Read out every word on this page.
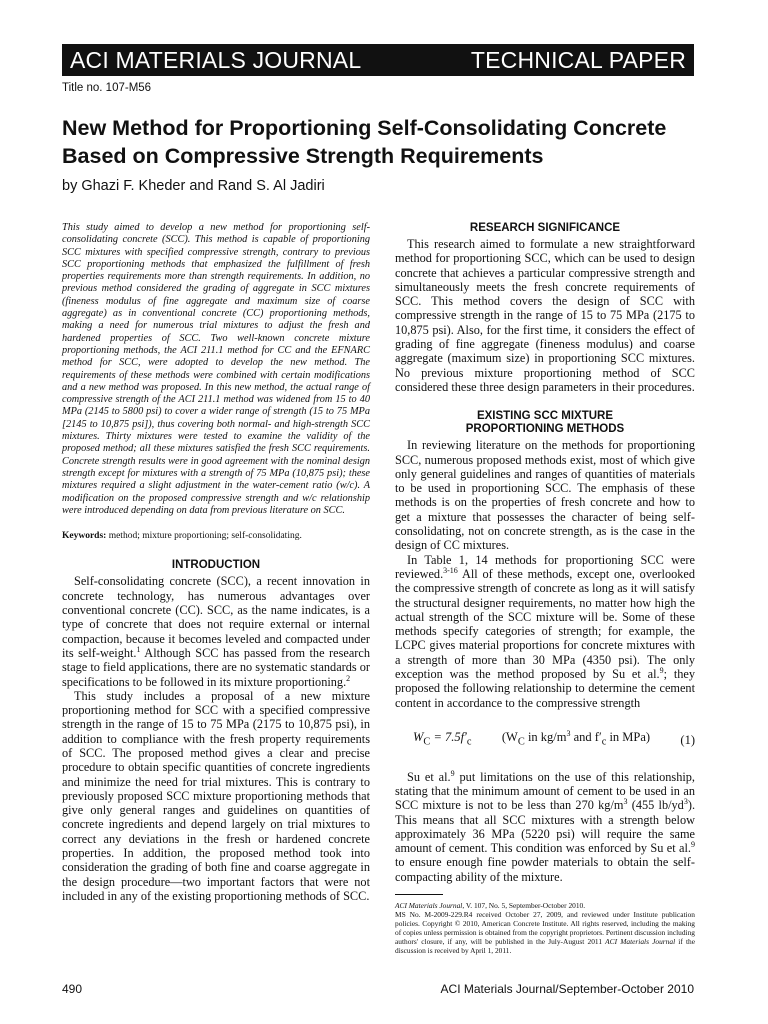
ACI MATERIALS JOURNAL	TECHNICAL PAPER
Title no. 107-M56
New Method for Proportioning Self-Consolidating Concrete Based on Compressive Strength Requirements
by Ghazi F. Kheder and Rand S. Al Jadiri

This study aimed to develop a new method for proportioning self-consolidating concrete (SCC). This method is capable of proportioning SCC mixtures with specified compressive strength, contrary to previous SCC proportioning methods that emphasized the fulfillment of fresh properties requirements more than strength requirements. In addition, no previous method considered the grading of aggregate in SCC mixtures (fineness modulus of fine aggregate and maximum size of coarse aggregate) as in conventional concrete (CC) proportioning methods, making a need for numerous trial mixtures to adjust the fresh and hardened properties of SCC. Two well-known concrete mixture proportioning methods, the ACI 211.1 method for CC and the EFNARC method for SCC, were adopted to develop the new method. The requirements of these methods were combined with certain modifications and a new method was proposed. In this new method, the actual range of compressive strength of the ACI 211.1 method was widened from 15 to 40 MPa (2145 to 5800 psi) to cover a wider range of strength (15 to 75 MPa [2145 to 10,875 psi]), thus covering both normal- and high-strength SCC mixtures. Thirty mixtures were tested to examine the validity of the proposed method; all these mixtures satisfied the fresh SCC requirements. Concrete strength results were in good agreement with the nominal design strength except for mixtures with a strength of 75 MPa (10,875 psi); these mixtures required a slight adjustment in the water-cement ratio (w/c). A modification on the proposed compressive strength and w/c relationship were introduced depending on data from previous literature on SCC.

Keywords: method; mixture proportioning; self-consolidating.

INTRODUCTION

Self-consolidating concrete (SCC), a recent innovation in concrete technology, has numerous advantages over conventional concrete (CC). SCC, as the name indicates, is a type of concrete that does not require external or internal compaction, because it becomes leveled and compacted under its self-weight.$^1$ Although SCC has passed from the research stage to field applications, there are no systematic standards or specifications to be followed in its mixture proportioning.$^2$

This study includes a proposal of a new mixture proportioning method for SCC with a specified compressive strength in the range of 15 to 75 MPa (2175 to 10,875 psi), in addition to compliance with the fresh property requirements of SCC. The proposed method gives a clear and precise procedure to obtain specific quantities of concrete ingredients and minimize the need for trial mixtures. This is contrary to previously proposed SCC mixture proportioning methods that give only general ranges and guidelines on quantities of concrete ingredients and depend largely on trial mixtures to correct any deviations in the fresh or hardened concrete properties. In addition, the proposed method took into consideration the grading of both fine and coarse aggregate in the design procedure—two important factors that were not included in any of the existing proportioning methods of SCC.

RESEARCH SIGNIFICANCE

This research aimed to formulate a new straightforward method for proportioning SCC, which can be used to design concrete that achieves a particular compressive strength and simultaneously meets the fresh concrete requirements of SCC. This method covers the design of SCC with compressive strength in the range of 15 to 75 MPa (2175 to 10,875 psi). Also, for the first time, it considers the effect of grading of fine aggregate (fineness modulus) and coarse aggregate (maximum size) in proportioning SCC mixtures. No previous mixture proportioning method of SCC considered these three design parameters in their procedures.

EXISTING SCC MIXTURE
PROPORTIONING METHODS

In reviewing literature on the methods for proportioning SCC, numerous proposed methods exist, most of which give only general guidelines and ranges of quantities of materials to be used in proportioning SCC. The emphasis of these methods is on the properties of fresh concrete and how to get a mixture that possesses the character of being self-consolidating, not on concrete strength, as is the case in the design of CC mixtures.

In Table 1, 14 methods for proportioning SCC were reviewed.$^{3-16}$ All of these methods, except one, overlooked the compressive strength of concrete as long as it will satisfy the structural designer requirements, no matter how high the actual strength of the SCC mixture will be. Some of these methods specify categories of strength; for example, the LCPC gives material proportions for concrete mixtures with a strength of more than 30 MPa (4350 psi). The only exception was the method proposed by Su et al.$^9$; they proposed the following relationship to determine the cement content in accordance to the compressive strength

$W_C = 7.5f'_c$ ($W_C$ in $kg/m^3$ and $f'_c$ in MPa) (1)

Su et al.$^9$ put limitations on the use of this relationship, stating that the minimum amount of cement to be used in an SCC mixture is not to be less than 270 $kg/m^3$ (455 $lb/yd^3$). This means that all SCC mixtures with a strength below approximately 36 MPa (5220 psi) will require the same amount of cement. This condition was enforced by Su et al.$^9$ to ensure enough fine powder materials to obtain the self-compacting ability of the mixture.

ACI Materials Journal, V. 107, No. 5, September-October 2010.
MS No. M-2009-229.R4 received October 27, 2009, and reviewed under Institute publication policies. Copyright © 2010, American Concrete Institute. All rights reserved, including the making of copies unless permission is obtained from the copyright proprietors. Pertinent discussion including authors' closure, if any, will be published in the July-August 2011 ACI Materials Journal if the discussion is received by April 1, 2011.

490	ACI Materials Journal/September-October 2010
